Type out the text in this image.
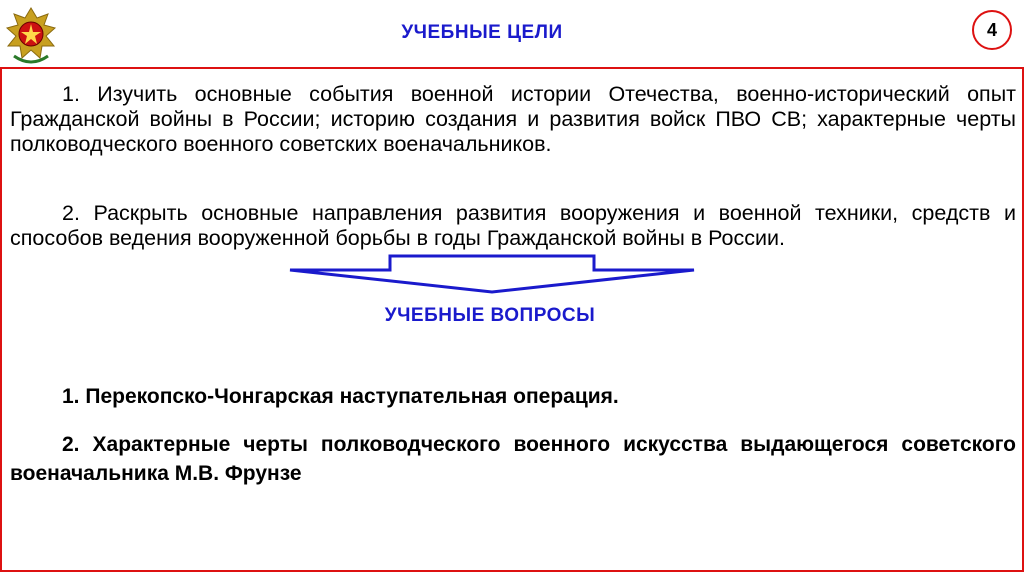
УЧЕБНЫЕ ЦЕЛИ	4

1. Изучить основные события военной истории Отечества, военно-исторический опыт Гражданской войны в России; историю создания и развития войск ПВО СВ; характерные черты полководческого военного советских военачальников.

2. Раскрыть основные направления развития вооружения и военной техники, средств и способов ведения вооруженной борьбы в годы Гражданской войны в России.

УЧЕБНЫЕ ВОПРОСЫ

1. Перекопско-Чонгарская наступательная операция.

2. Характерные черты полководческого военного искусства выдающегося советского военачальника М.В. Фрунзе
